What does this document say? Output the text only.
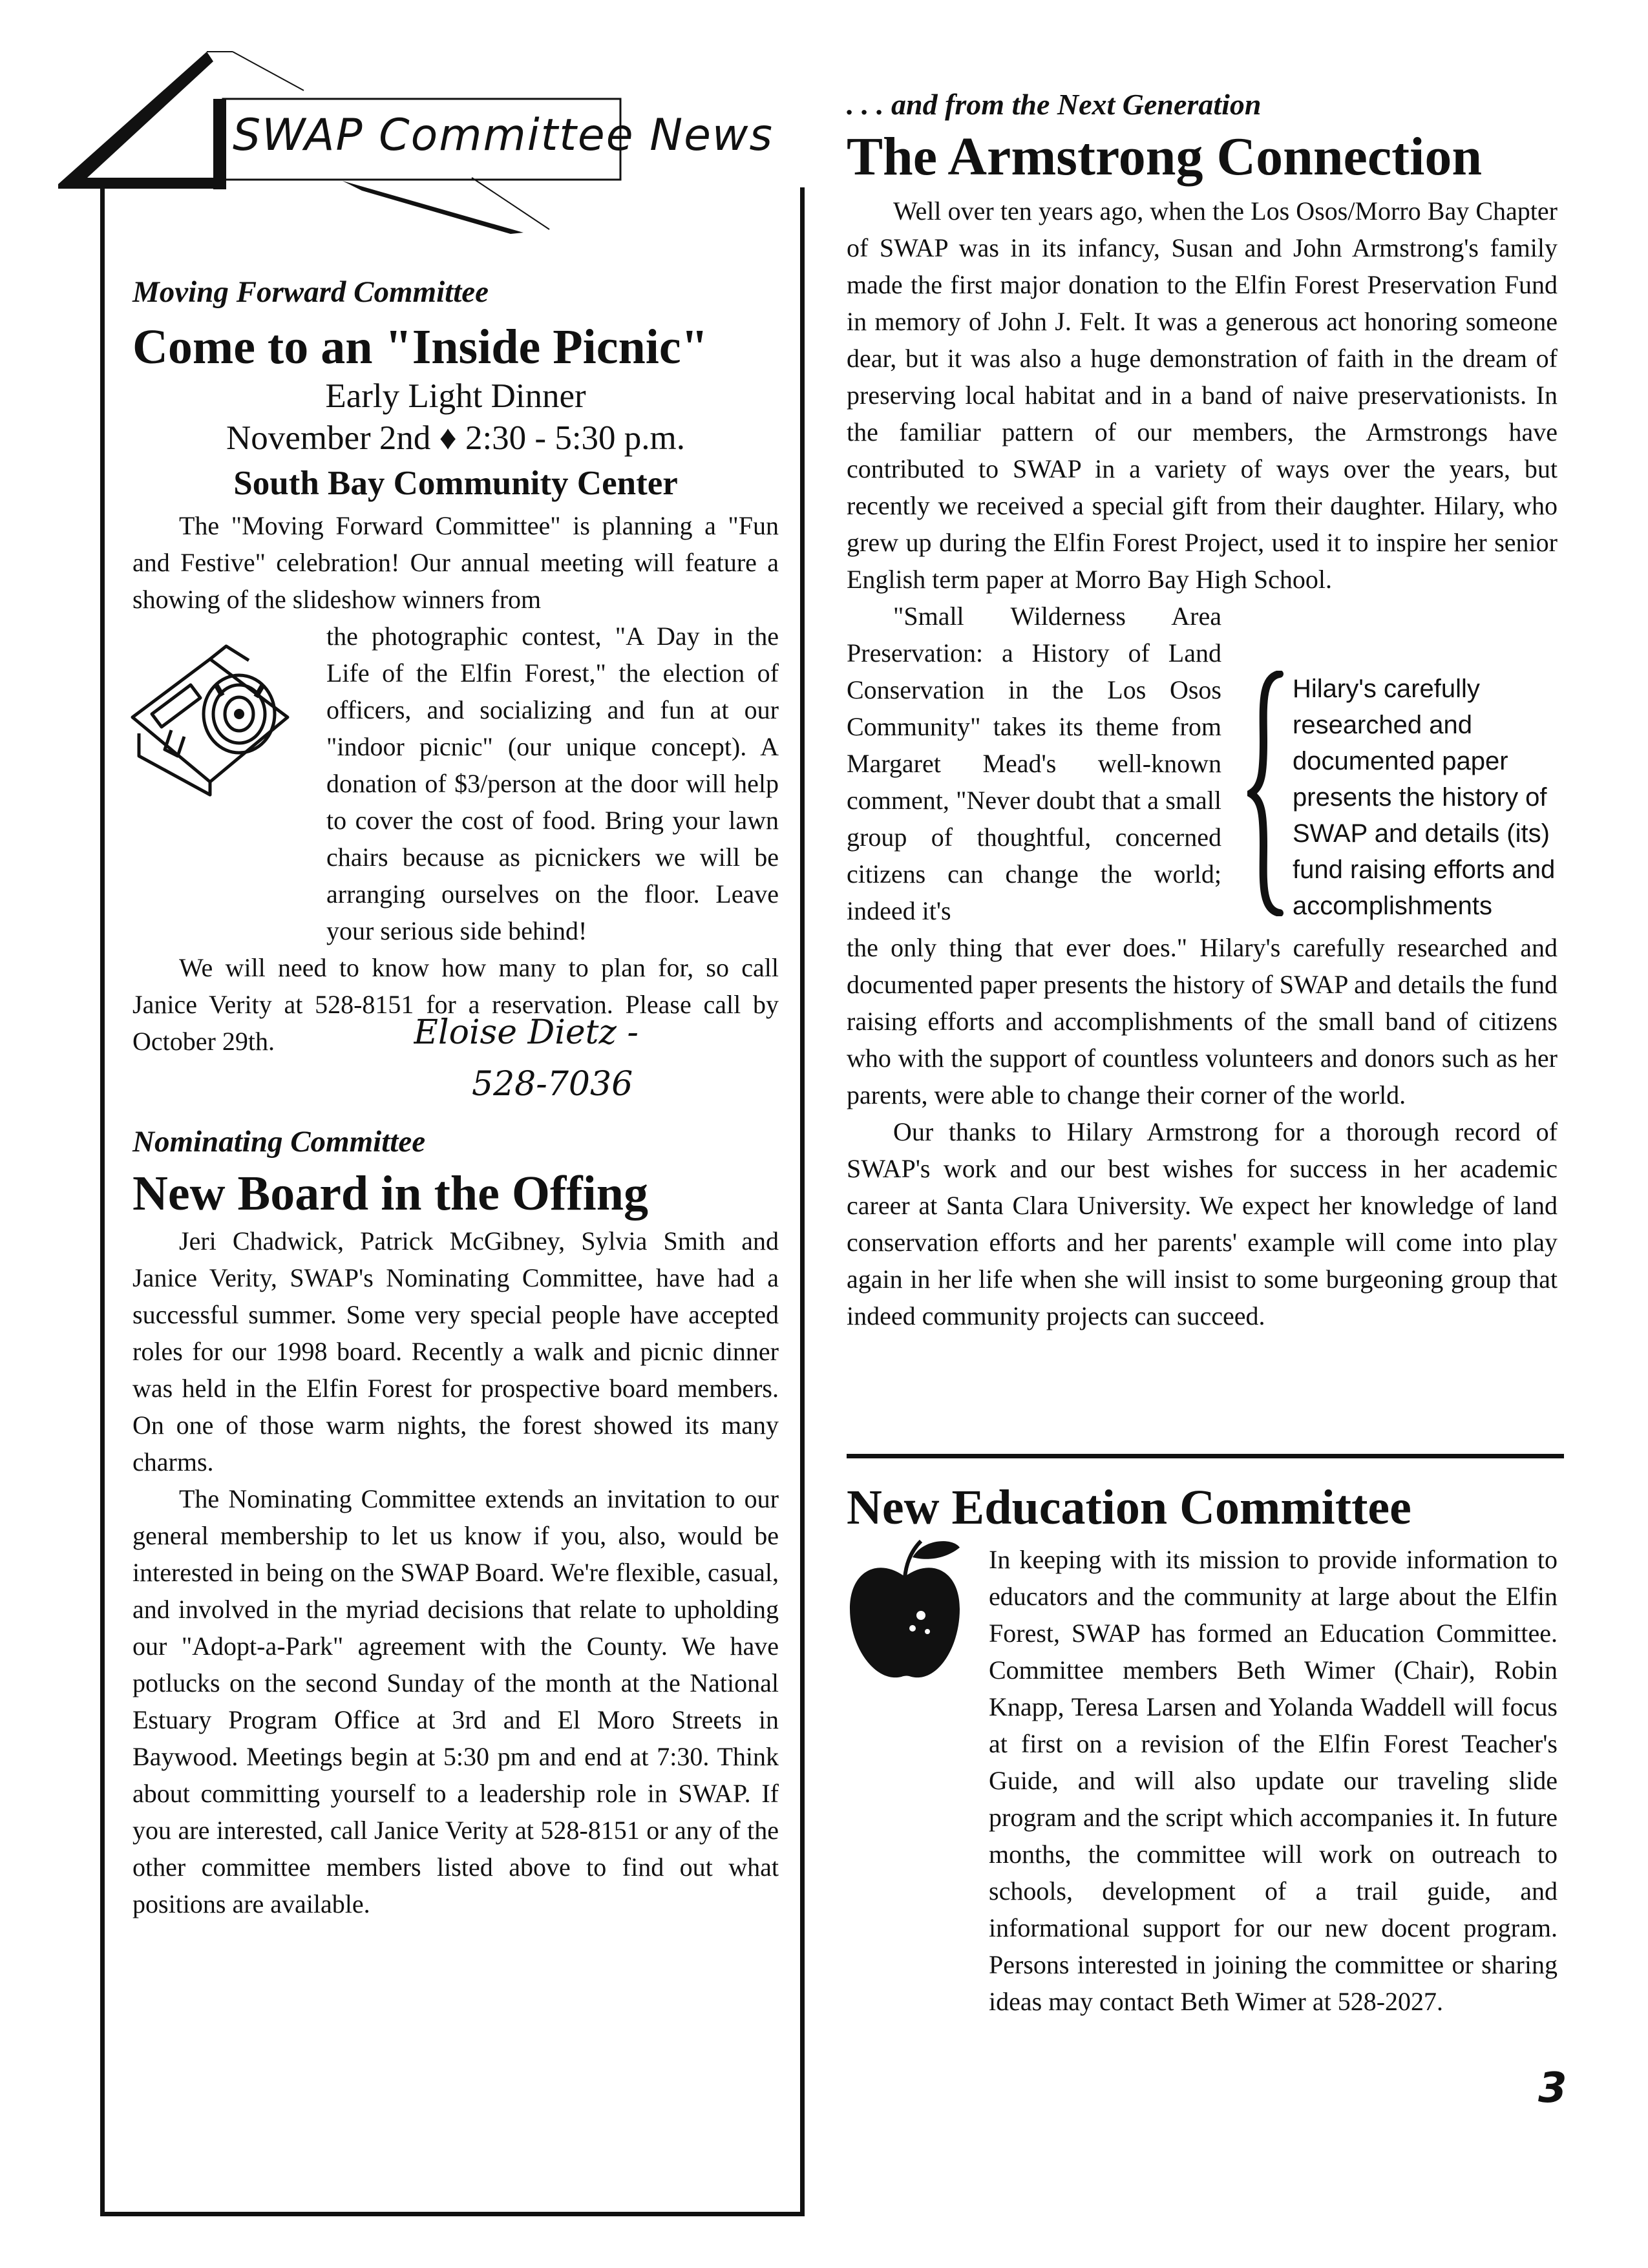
SWAP Committee News
Moving Forward Committee
Come to an "Inside Picnic"
Early Light Dinner
November 2nd ♦ 2:30 - 5:30 p.m.
South Bay Community Center

The "Moving Forward Committee" is planning a "Fun and Festive" celebration! Our annual meeting will feature a showing of the slideshow winners from

the photographic contest, "A Day in the Life of the Elfin Forest," the election of officers, and socializing and fun at our "indoor picnic" (our unique concept). A donation of $3/person at the door will help to cover the cost of food. Bring your lawn chairs because as picnickers we will be arranging ourselves on the floor. Leave your serious side behind!

We will need to know how many to plan for, so call Janice Verity at 528-8151 for a reservation. Please call by October 29th.	Eloise Dietz -
528-7036
Nominating Committee
New Board in the Offing

Jeri Chadwick, Patrick McGibney, Sylvia Smith and Janice Verity, SWAP's Nominating Committee, have had a successful summer. Some very special people have accepted roles for our 1998 board. Recently a walk and picnic dinner was held in the Elfin Forest for prospective board members. On one of those warm nights, the forest showed its many charms.

The Nominating Committee extends an invitation to our general membership to let us know if you, also, would be interested in being on the SWAP Board. We're flexible, casual, and involved in the myriad decisions that relate to upholding our "Adopt-a-Park" agreement with the County. We have potlucks on the second Sunday of the month at the National Estuary Program Office at 3rd and El Moro Streets in Baywood. Meetings begin at 5:30 pm and end at 7:30. Think about committing yourself to a leadership role in SWAP. If you are interested, call Janice Verity at 528-8151 or any of the other committee members listed above to find out what positions are available.

. . . and from the Next Generation
The Armstrong Connection

Well over ten years ago, when the Los Osos/Morro Bay Chapter of SWAP was in its infancy, Susan and John Armstrong's family made the first major donation to the Elfin Forest Preservation Fund in memory of John J. Felt. It was a generous act honoring someone dear, but it was also a huge demonstration of faith in the dream of preserving local habitat and in a band of naive preservationists. In the familiar pattern of our members, the Armstrongs have contributed to SWAP in a variety of ways over the years, but recently we received a special gift from their daughter. Hilary, who grew up during the Elfin Forest Project, used it to inspire her senior English term paper at Morro Bay High School.

"Small Wilderness Area Preservation: a History of Land Conservation in the Los Osos Community" takes its theme from Margaret Mead's well-known comment, "Never doubt that a small group of thoughtful, concerned citizens can change the world; indeed it's

the only thing that ever does." Hilary's carefully researched and documented paper presents the history of SWAP and details the fund raising efforts and accomplishments of the small band of citizens who with the support of countless volunteers and donors such as her parents, were able to change their corner of the world.

Our thanks to Hilary Armstrong for a thorough record of SWAP's work and our best wishes for success in her academic career at Santa Clara University. We expect her knowledge of land conservation efforts and her parents' example will come into play again in her life when she will insist to some burgeoning group that indeed community projects can succeed.

Hilary's carefully researched and documented paper presents the history of SWAP and details (its) fund raising efforts and accomplishments
New Education Committee

In keeping with its mission to provide information to educators and the community at large about the Elfin Forest, SWAP has formed an Education Committee. Committee members Beth Wimer (Chair), Robin Knapp, Teresa Larsen and Yolanda Waddell will focus at first on a revision of the Elfin Forest Teacher's Guide, and will also update our traveling slide program and the script which accompanies it. In future months, the committee will work on outreach to schools, development of a trail guide, and informational support for our new docent program. Persons interested in joining the committee or sharing ideas may contact Beth Wimer at 528-2027.

3
